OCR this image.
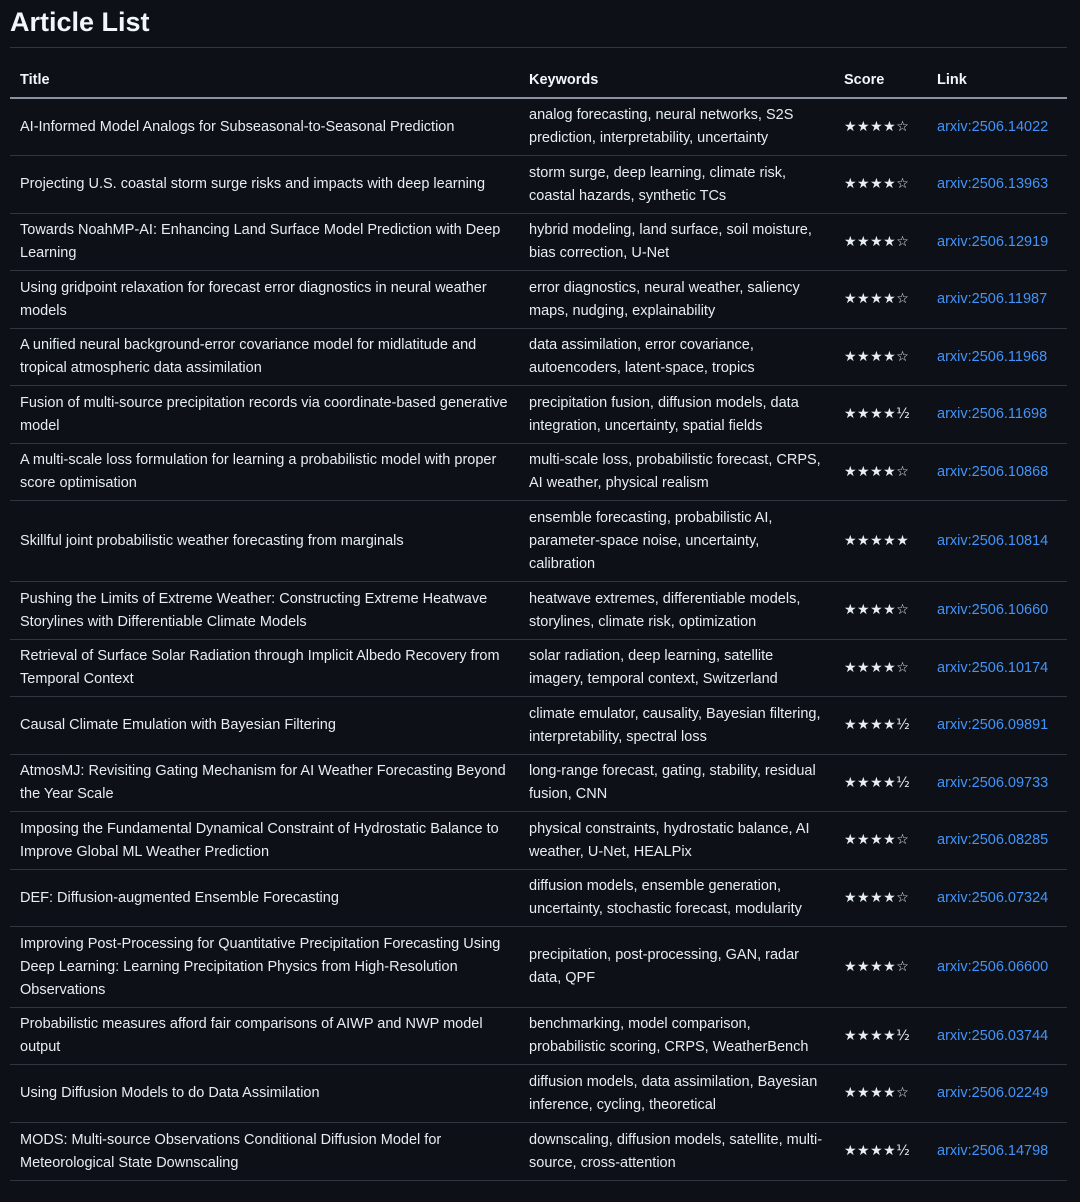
Article List
Title	Keywords	Score	Link
AI-Informed Model Analogs for Subseasonal-to-Seasonal Prediction	analog forecasting, neural networks, S2S prediction, interpretability, uncertainty	★★★★☆	arxiv:2506.14022
Projecting U.S. coastal storm surge risks and impacts with deep learning	storm surge, deep learning, climate risk, coastal hazards, synthetic TCs	★★★★☆	arxiv:2506.13963
Towards NoahMP-AI: Enhancing Land Surface Model Prediction with Deep Learning	hybrid modeling, land surface, soil moisture, bias correction, U-Net	★★★★☆	arxiv:2506.12919
Using gridpoint relaxation for forecast error diagnostics in neural weather models	error diagnostics, neural weather, saliency maps, nudging, explainability	★★★★☆	arxiv:2506.11987
A unified neural background-error covariance model for midlatitude and tropical atmospheric data assimilation	data assimilation, error covariance, autoencoders, latent-space, tropics	★★★★☆	arxiv:2506.11968
Fusion of multi-source precipitation records via coordinate-based generative model	precipitation fusion, diffusion models, data integration, uncertainty, spatial fields	★★★★½	arxiv:2506.11698
A multi-scale loss formulation for learning a probabilistic model with proper score optimisation	multi-scale loss, probabilistic forecast, CRPS, AI weather, physical realism	★★★★☆	arxiv:2506.10868
Skillful joint probabilistic weather forecasting from marginals	ensemble forecasting, probabilistic AI, parameter-space noise, uncertainty, calibration	★★★★★	arxiv:2506.10814
Pushing the Limits of Extreme Weather: Constructing Extreme Heatwave Storylines with Differentiable Climate Models	heatwave extremes, differentiable models, storylines, climate risk, optimization	★★★★☆	arxiv:2506.10660
Retrieval of Surface Solar Radiation through Implicit Albedo Recovery from Temporal Context	solar radiation, deep learning, satellite imagery, temporal context, Switzerland	★★★★☆	arxiv:2506.10174
Causal Climate Emulation with Bayesian Filtering	climate emulator, causality, Bayesian filtering, interpretability, spectral loss	★★★★½	arxiv:2506.09891
AtmosMJ: Revisiting Gating Mechanism for AI Weather Forecasting Beyond the Year Scale	long-range forecast, gating, stability, residual fusion, CNN	★★★★½	arxiv:2506.09733
Imposing the Fundamental Dynamical Constraint of Hydrostatic Balance to Improve Global ML Weather Prediction	physical constraints, hydrostatic balance, AI weather, U-Net, HEALPix	★★★★☆	arxiv:2506.08285
DEF: Diffusion-augmented Ensemble Forecasting	diffusion models, ensemble generation, uncertainty, stochastic forecast, modularity	★★★★☆	arxiv:2506.07324
Improving Post-Processing for Quantitative Precipitation Forecasting Using Deep Learning: Learning Precipitation Physics from High-Resolution Observations	precipitation, post-processing, GAN, radar data, QPF	★★★★☆	arxiv:2506.06600
Probabilistic measures afford fair comparisons of AIWP and NWP model output	benchmarking, model comparison, probabilistic scoring, CRPS, WeatherBench	★★★★½	arxiv:2506.03744
Using Diffusion Models to do Data Assimilation	diffusion models, data assimilation, Bayesian inference, cycling, theoretical	★★★★☆	arxiv:2506.02249
MODS: Multi-source Observations Conditional Diffusion Model for Meteorological State Downscaling	downscaling, diffusion models, satellite, multi-source, cross-attention	★★★★½	arxiv:2506.14798
